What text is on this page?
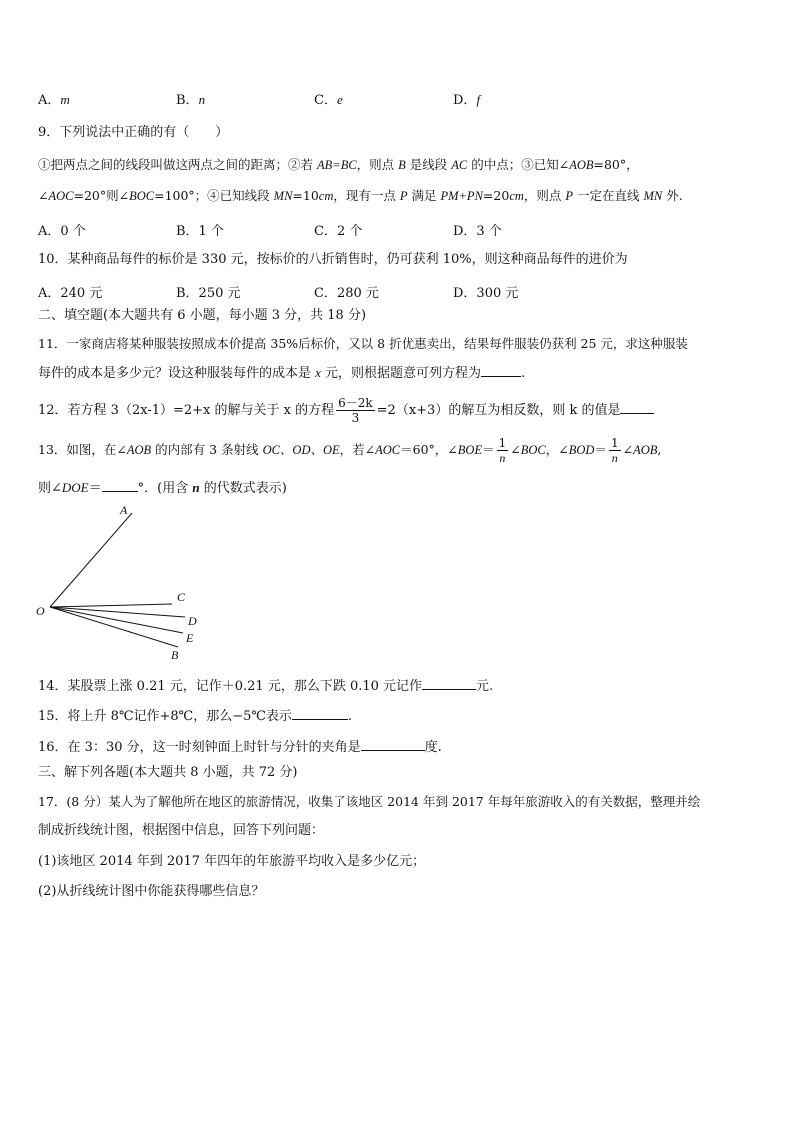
A．m	B．n	C．e	D．f
9．下列说法中正确的有（　　）
①把两点之间的线段叫做这两点之间的距离；②若 AB=BC，则点 B 是线段 AC 的中点；③已知∠AOB=80°，
∠AOC=20°则∠BOC=100°；④已知线段 MN=10cm，现有一点 P 满足 PM+PN=20cm，则点 P 一定在直线 MN 外.
A．0 个	B．1 个	C．2 个	D．3 个
10．某种商品每件的标价是 330 元，按标价的八折销售时，仍可获利 10%，则这种商品每件的进价为
A．240 元	B．250 元	C．280 元	D．300 元
二、填空题(本大题共有 6 小题，每小题 3 分，共 18 分)
11．一家商店将某种服装按照成本价提高 35%后标价，又以 8 折优惠卖出，结果每件服装仍获利 25 元，求这种服装
每件的成本是多少元？设这种服装每件的成本是 x 元，则根据题意可列方程为	.
12．若方程 3（2x-1）=2+x 的解与关于 x 的方程 $\frac{6-2k}{3} =2(x+3)$的解互为相反数，则 k 的值是
13．如图，在∠AOB 的内部有 3 条射线 OC、OD、OE，若∠AOC＝60°，∠BOE＝ $\frac{1}{n}$ ∠BOC，∠BOD＝ $\frac{1}{n}$ ∠AOB,
则∠DOE＝	°．(用含 n 的代数式表示)
A
C
D
E
B
O
14．某股票上涨 0.21 元，记作＋0.21 元，那么下跌 0.10 元记作	元.
15．将上升 8℃记作+8℃，那么−5℃表示	.
16．在 3：30 分，这一时刻钟面上时针与分针的夹角是	度.
三、解下列各题(本大题共 8 小题，共 72 分)
17．(8 分）某人为了解他所在地区的旅游情况，收集了该地区 2014 年到 2017 年每年旅游收入的有关数据，整理并绘
制成折线统计图，根据图中信息，回答下列问题：
(1)该地区 2014 年到 2017 年四年的年旅游平均收入是多少亿元；
(2)从折线统计图中你能获得哪些信息？
